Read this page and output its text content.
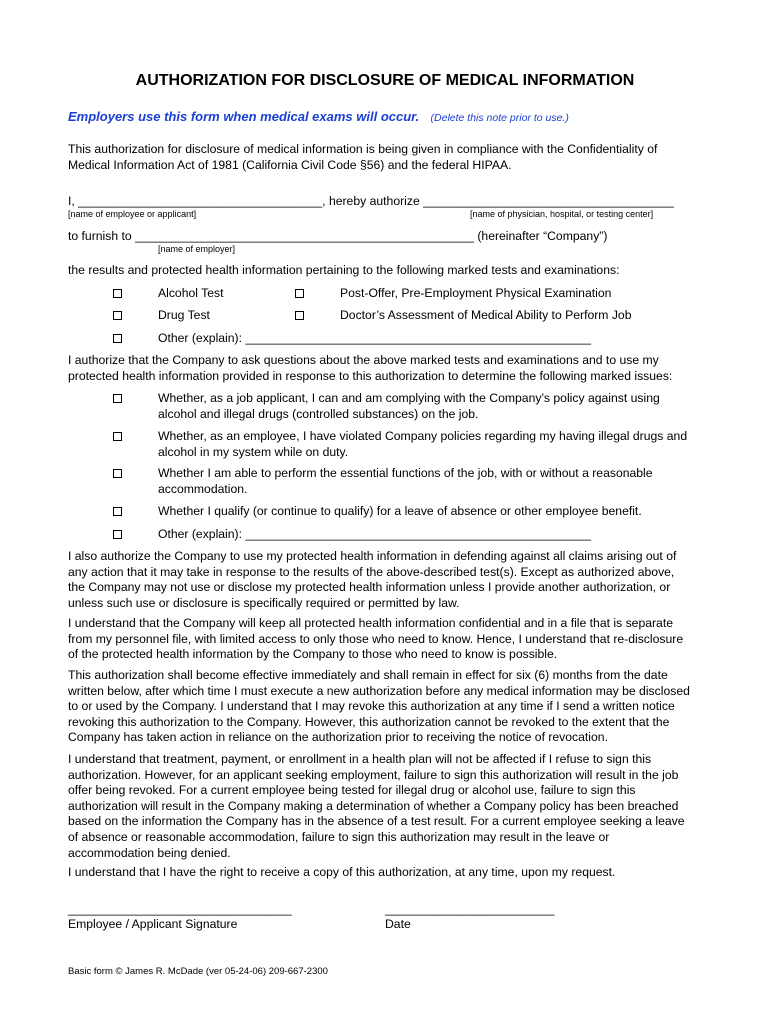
AUTHORIZATION FOR DISCLOSURE OF MEDICAL INFORMATION
Employers use this form when medical exams will occur. (Delete this note prior to use.)
This authorization for disclosure of medical information is being given in compliance with the Confidentiality of
Medical Information Act of 1981 (California Civil Code §56) and the federal HIPAA.
I, ____________________________________, hereby authorize _____________________________________
[name of employee or applicant]	[name of physician, hospital, or testing center]
to furnish to __________________________________________________ (hereinafter “Company”)
[name of employer]
the results and protected health information pertaining to the following marked tests and examinations:
Alcohol Test	Post-Offer, Pre-Employment Physical Examination
Drug Test	Doctor’s Assessment of Medical Ability to Perform Job
Other (explain): ___________________________________________________
I authorize that the Company to ask questions about the above marked tests and examinations and to use my
protected health information provided in response to this authorization to determine the following marked issues:
Whether, as a job applicant, I can and am complying with the Company’s policy against using
alcohol and illegal drugs (controlled substances) on the job.
Whether, as an employee, I have violated Company policies regarding my having illegal drugs and
alcohol in my system while on duty.
Whether I am able to perform the essential functions of the job, with or without a reasonable
accommodation.
Whether I qualify (or continue to qualify) for a leave of absence or other employee benefit.
Other (explain): ___________________________________________________
I also authorize the Company to use my protected health information in defending against all claims arising out of
any action that it may take in response to the results of the above-described test(s). Except as authorized above,
the Company may not use or disclose my protected health information unless I provide another authorization, or
unless such use or disclosure is specifically required or permitted by law.
I understand that the Company will keep all protected health information confidential and in a file that is separate
from my personnel file, with limited access to only those who need to know. Hence, I understand that re-disclosure
of the protected health information by the Company to those who need to know is possible.
This authorization shall become effective immediately and shall remain in effect for six (6) months from the date
written below, after which time I must execute a new authorization before any medical information may be disclosed
to or used by the Company. I understand that I may revoke this authorization at any time if I send a written notice
revoking this authorization to the Company. However, this authorization cannot be revoked to the extent that the
Company has taken action in reliance on the authorization prior to receiving the notice of revocation.
I understand that treatment, payment, or enrollment in a health plan will not be affected if I refuse to sign this
authorization. However, for an applicant seeking employment, failure to sign this authorization will result in the job
offer being revoked. For a current employee being tested for illegal drug or alcohol use, failure to sign this
authorization will result in the Company making a determination of whether a Company policy has been breached
based on the information the Company has in the absence of a test result. For a current employee seeking a leave
of absence or reasonable accommodation, failure to sign this authorization may result in the leave or
accommodation being denied.
I understand that I have the right to receive a copy of this authorization, at any time, upon my request.
_________________________________
Employee / Applicant Signature
_________________________
Date
Basic form © James R. McDade (ver 05-24-06) 209-667-2300
